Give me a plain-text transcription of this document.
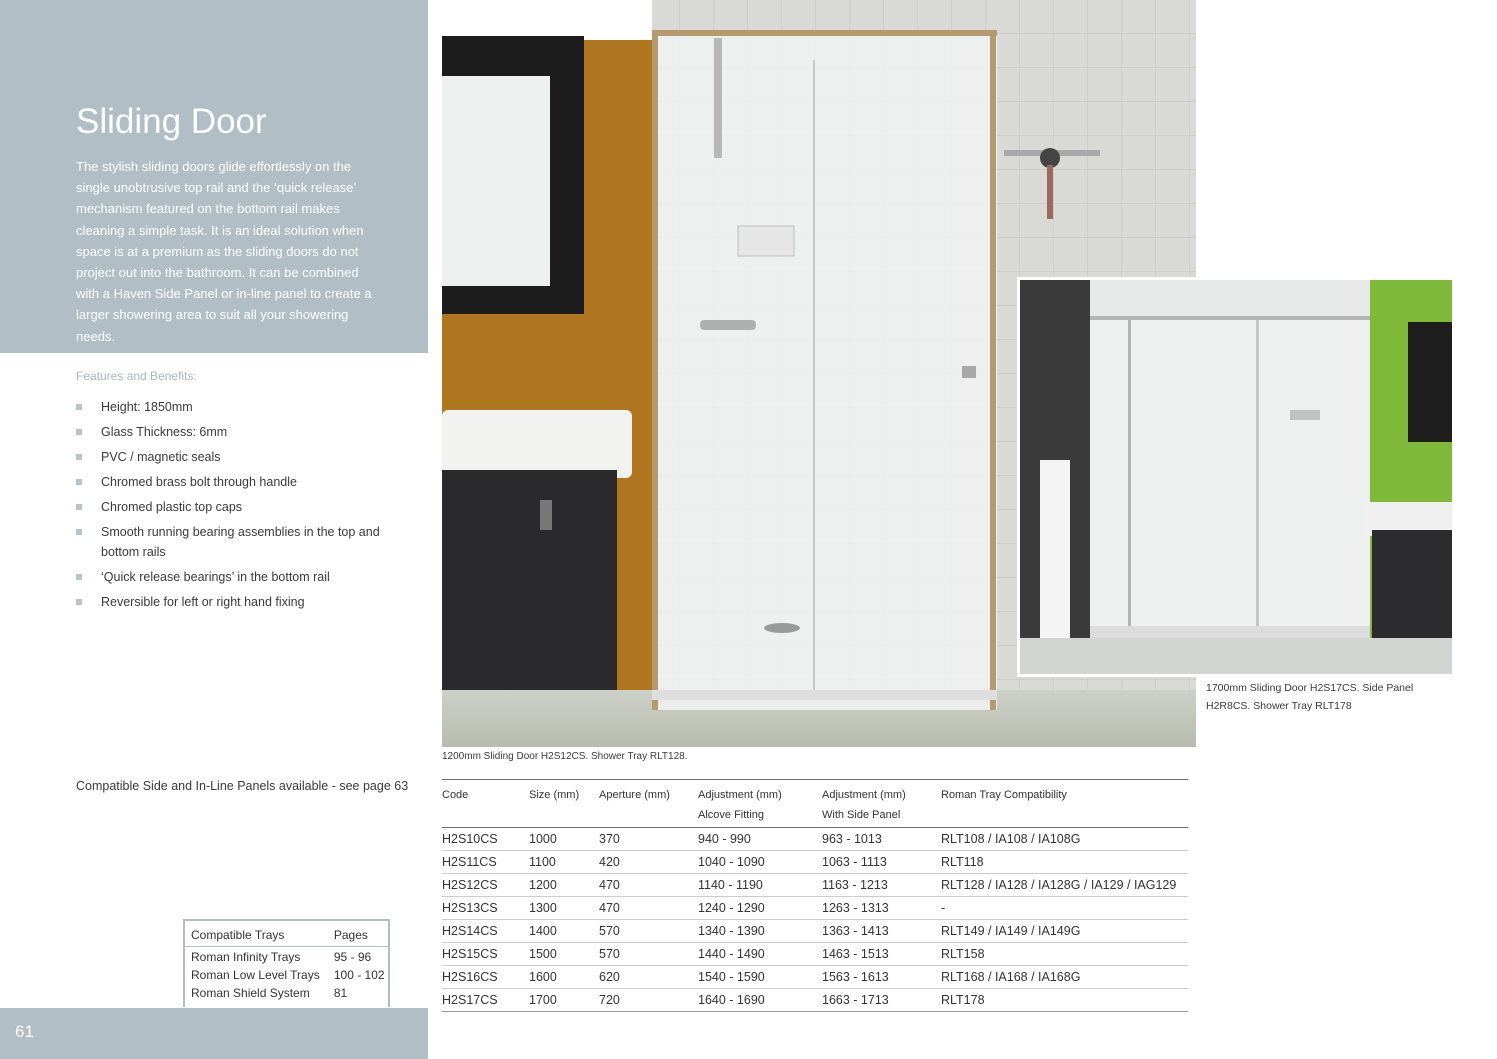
Sliding Door

The stylish sliding doors glide effortlessly on the single unobtrusive top rail and the ‘quick release’ mechanism featured on the bottom rail makes cleaning a simple task. It is an ideal solution when space is at a premium as the sliding doors do not project out into the bathroom. It can be combined with a Haven Side Panel or in-line panel to create a larger showering area to suit all your showering needs.

Features and Benefits:

Height: 1850mm
Glass Thickness: 6mm
PVC / magnetic seals
Chromed brass bolt through handle
Chromed plastic top caps
Smooth running bearing assemblies in the top and bottom rails
‘Quick release bearings’ in the bottom rail
Reversible for left or right hand fixing

Compatible Side and In-Line Panels available - see page 63

Compatible Trays	Pages
Roman Infinity Trays	95 - 96
Roman Low Level Trays	100 - 102
Roman Shield System	81
61

1200mm Sliding Door H2S12CS. Shower Tray RLT128.

1700mm Sliding Door H2S17CS. Side Panel H2R8CS. Shower Tray RLT178

Code	Size (mm)	Aperture (mm)	Adjustment (mm)	Adjustment (mm)	Roman Tray Compatibility
			Alcove Fitting	With Side Panel	
H2S10CS	1000	370	940 - 990	963 - 1013	RLT108 / IA108 / IA108G
H2S11CS	1100	420	1040 - 1090	1063 - 1113	RLT118
H2S12CS	1200	470	1140 - 1190	1163 - 1213	RLT128 / IA128 / IA128G / IA129 / IAG129
H2S13CS	1300	470	1240 - 1290	1263 - 1313	-
H2S14CS	1400	570	1340 - 1390	1363 - 1413	RLT149 / IA149 / IA149G
H2S15CS	1500	570	1440 - 1490	1463 - 1513	RLT158
H2S16CS	1600	620	1540 - 1590	1563 - 1613	RLT168 / IA168 / IA168G
H2S17CS	1700	720	1640 - 1690	1663 - 1713	RLT178
